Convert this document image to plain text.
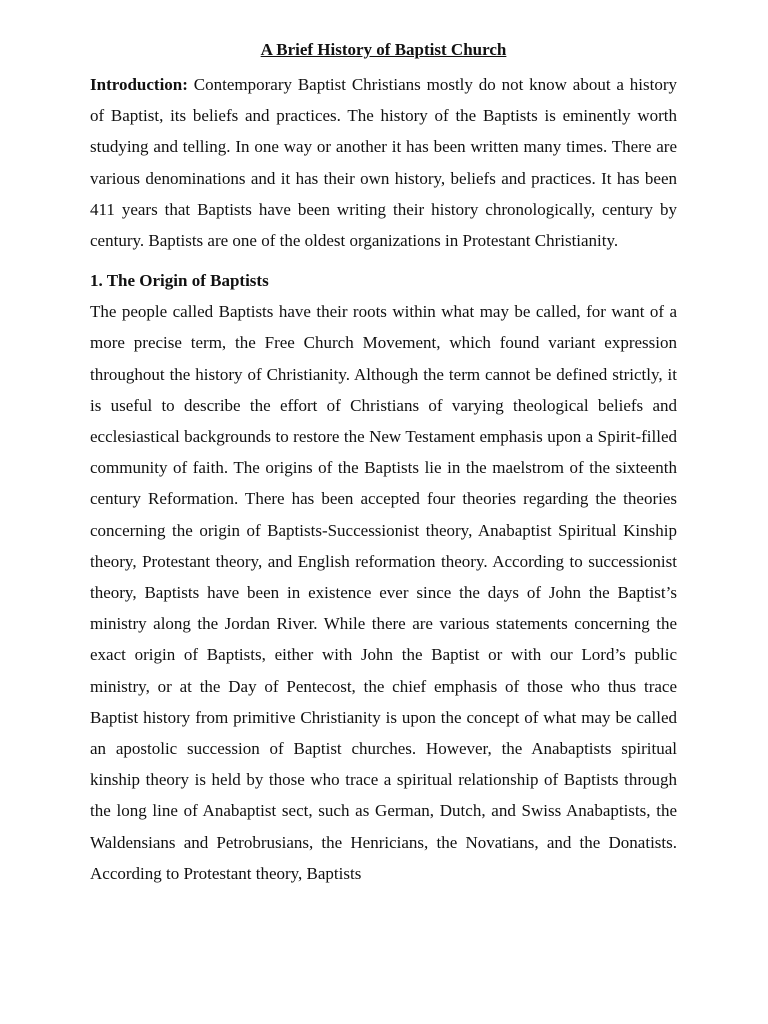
A Brief History of Baptist Church

Introduction: Contemporary Baptist Christians mostly do not know about a history of Baptist, its beliefs and practices. The history of the Baptists is eminently worth studying and telling. In one way or another it has been written many times. There are various denominations and it has their own history, beliefs and practices. It has been 411 years that Baptists have been writing their history chronologically, century by century. Baptists are one of the oldest organizations in Protestant Christianity.

1. The Origin of Baptists

The people called Baptists have their roots within what may be called, for want of a more precise term, the Free Church Movement, which found variant expression throughout the history of Christianity. Although the term cannot be defined strictly, it is useful to describe the effort of Christians of varying theological beliefs and ecclesiastical backgrounds to restore the New Testament emphasis upon a Spirit-filled community of faith. The origins of the Baptists lie in the maelstrom of the sixteenth century Reformation. There has been accepted four theories regarding the theories concerning the origin of Baptists-Successionist theory, Anabaptist Spiritual Kinship theory, Protestant theory, and English reformation theory. According to successionist theory, Baptists have been in existence ever since the days of John the Baptist’s ministry along the Jordan River. While there are various statements concerning the exact origin of Baptists, either with John the Baptist or with our Lord’s public ministry, or at the Day of Pentecost, the chief emphasis of those who thus trace Baptist history from primitive Christianity is upon the concept of what may be called an apostolic succession of Baptist churches. However, the Anabaptists spiritual kinship theory is held by those who trace a spiritual relationship of Baptists through the long line of Anabaptist sect, such as German, Dutch, and Swiss Anabaptists, the Waldensians and Petrobrusians, the Henricians, the Novatians, and the Donatists. According to Protestant theory, Baptists
